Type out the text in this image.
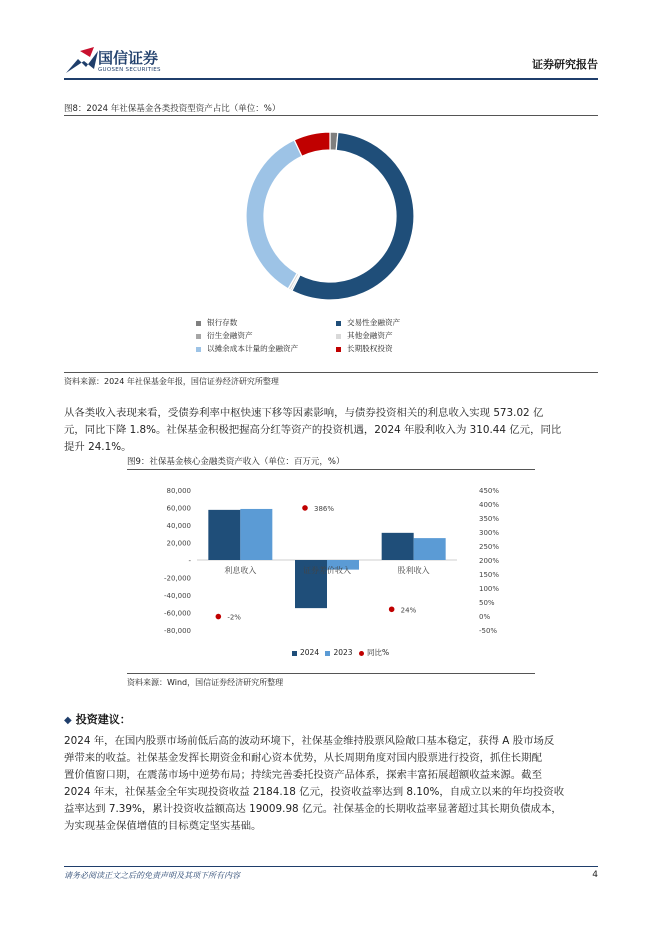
国信证券
GUOSEN SECURITIES	证券研究报告
图8：2024 年社保基金各类投资型资产占比（单位：%）
银行存数	交易性金融资产
衍生金融资产	其他金融资产
以摊余成本计量的金融资产	长期股权投资
资料来源：2024 年社保基金年报，国信证券经济研究所整理
从各类收入表现来看，受债券利率中枢快速下移等因素影响，与债券投资相关的利息收入实现 573.02 亿
元，同比下降 1.8%。社保基金积极把握高分红等资产的投资机遇，2024 年股利收入为 310.44 亿元，同比
提升 24.1%。
图9：社保基金核心金融类资产收入（单位：百万元，%）
80,000
60,000
40,000
20,000
-
-20,000
-40,000
-60,000
-80,000
450%
400%
350%
300%
250%
200%
150%
100%
50%
0%
-50%
利息收入
-2%
证券差价收入
386%
股利收入
24%
2024 2023 同比%
资料来源：Wind，国信证券经济研究所整理
◆ 投资建议：
2024 年，在国内股票市场前低后高的波动环境下，社保基金维持股票风险敞口基本稳定，获得 A 股市场反
弹带来的收益。社保基金发挥长期资金和耐心资本优势，从长周期角度对国内股票进行投资，抓住长期配
置价值窗口期，在震荡市场中逆势布局；持续完善委托投资产品体系，探索丰富拓展超额收益来源。截至
2024 年末，社保基金全年实现投资收益 2184.18 亿元，投资收益率达到 8.10%，自成立以来的年均投资收
益率达到 7.39%，累计投资收益额高达 19009.98 亿元。社保基金的长期收益率显著超过其长期负债成本，
为实现基金保值增值的目标奠定坚实基础。
请务必阅读正文之后的免责声明及其项下所有内容	4
